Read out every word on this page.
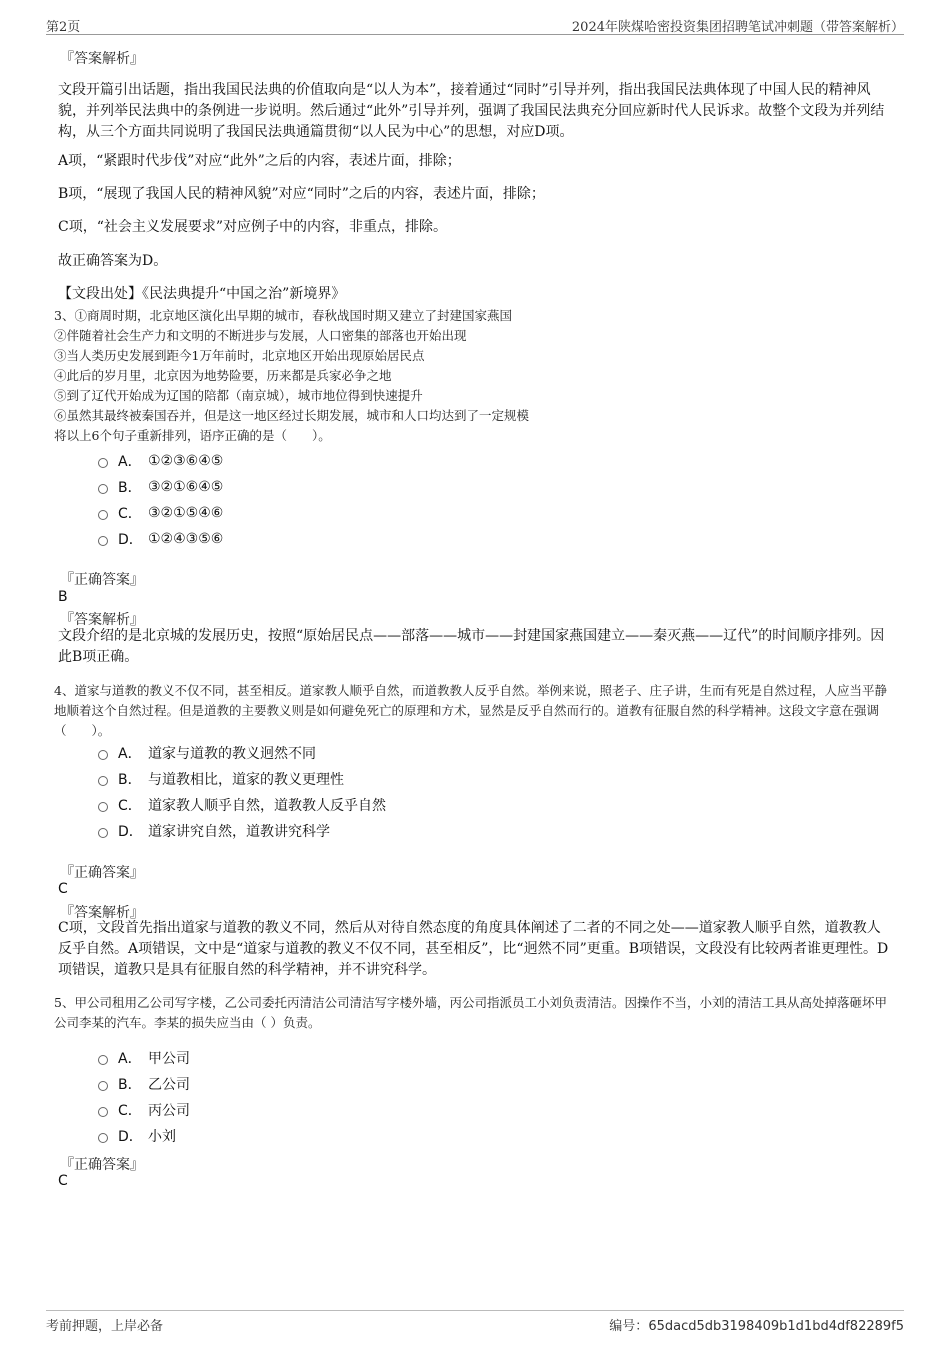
第2页	2024年陕煤哈密投资集团招聘笔试冲刺题（带答案解析）
『答案解析』
文段开篇引出话题，指出我国民法典的价值取向是“以人为本”，接着通过“同时”引导并列，指出我国民法典体现了中国人民的精神风貌，并列举民法典中的条例进一步说明。然后通过“此外”引导并列，强调了我国民法典充分回应新时代人民诉求。故整个文段为并列结构，从三个方面共同说明了我国民法典通篇贯彻“以人民为中心”的思想，对应D项。
A项，“紧跟时代步伐”对应“此外”之后的内容，表述片面，排除；
B项，“展现了我国人民的精神风貌”对应“同时”之后的内容，表述片面，排除；
C项，“社会主义发展要求”对应例子中的内容，非重点，排除。
故正确答案为D。
【文段出处】《民法典提升“中国之治”新境界》
3、①商周时期，北京地区演化出早期的城市，春秋战国时期又建立了封建国家燕国
②伴随着社会生产力和文明的不断进步与发展，人口密集的部落也开始出现
③当人类历史发展到距今1万年前时，北京地区开始出现原始居民点
④此后的岁月里，北京因为地势险要，历来都是兵家必争之地
⑤到了辽代开始成为辽国的陪都（南京城），城市地位得到快速提升
⑥虽然其最终被秦国吞并，但是这一地区经过长期发展，城市和人口均达到了一定规模
将以上6个句子重新排列，语序正确的是（　　）。
A． ①②③⑥④⑤
B． ③②①⑥④⑤
C． ③②①⑤④⑥
D． ①②④③⑤⑥
『正确答案』
B
『答案解析』
文段介绍的是北京城的发展历史，按照“原始居民点——部落——城市——封建国家燕国建立——秦灭燕——辽代”的时间顺序排列。因此B项正确。
4、道家与道教的教义不仅不同，甚至相反。道家教人顺乎自然，而道教教人反乎自然。举例来说，照老子、庄子讲，生而有死是自然过程，人应当平静地顺着这个自然过程。但是道教的主要教义则是如何避免死亡的原理和方术，显然是反乎自然而行的。道教有征服自然的科学精神。这段文字意在强调（　　）。
A． 道家与道教的教义迥然不同
B． 与道教相比，道家的教义更理性
C． 道家教人顺乎自然，道教教人反乎自然
D． 道家讲究自然，道教讲究科学
『正确答案』
C
『答案解析』
C项，文段首先指出道家与道教的教义不同，然后从对待自然态度的角度具体阐述了二者的不同之处——道家教人顺乎自然，道教教人反乎自然。A项错误，文中是“道家与道教的教义不仅不同，甚至相反”，比“迥然不同”更重。B项错误，文段没有比较两者谁更理性。D项错误，道教只是具有征服自然的科学精神，并不讲究科学。
5、甲公司租用乙公司写字楼，乙公司委托丙清洁公司清洁写字楼外墙，丙公司指派员工小刘负责清洁。因操作不当，小刘的清洁工具从高处掉落砸坏甲公司李某的汽车。李某的损失应当由（ ）负责。
A． 甲公司
B． 乙公司
C． 丙公司
D． 小刘
『正确答案』
C
考前押题，上岸必备	编号：65dacd5db3198409b1d1bd4df82289f5
